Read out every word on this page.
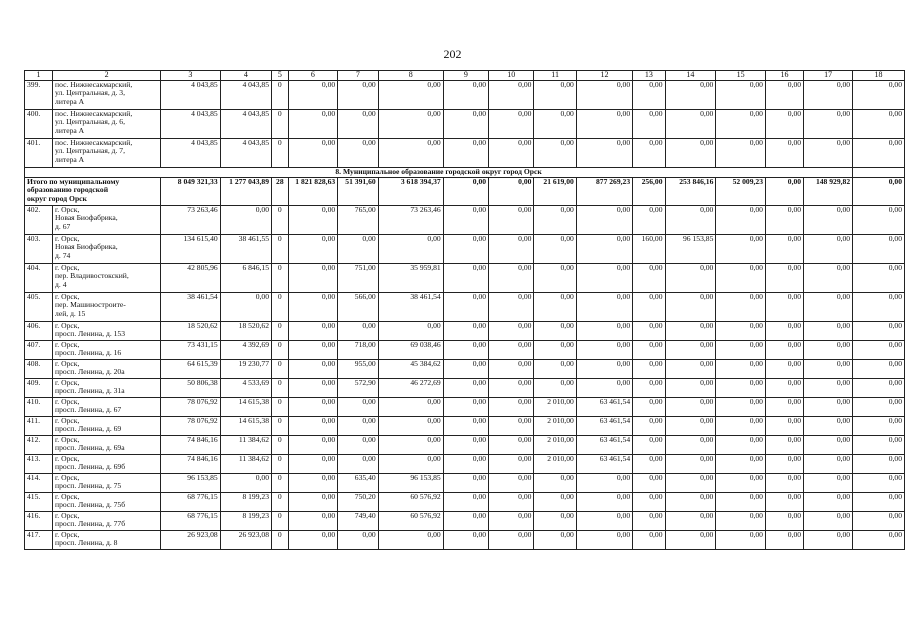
202
1	2	3	4	5	6	7	8	9	10	11	12	13	14	15	16	17	18
399.	пос. Нижнесакмарский,
ул. Центральная, д. 3,
литера А	4 043,85	4 043,85	0	0,00	0,00	0,00	0,00	0,00	0,00	0,00	0,00	0,00	0,00	0,00	0,00	0,00
400.	пос. Нижнесакмарский,
ул. Центральная, д. 6,
литера А	4 043,85	4 043,85	0	0,00	0,00	0,00	0,00	0,00	0,00	0,00	0,00	0,00	0,00	0,00	0,00	0,00
401.	пос. Нижнесакмарский,
ул. Центральная, д. 7,
литера А	4 043,85	4 043,85	0	0,00	0,00	0,00	0,00	0,00	0,00	0,00	0,00	0,00	0,00	0,00	0,00	0,00
8. Муниципальное образование городской округ город Орск																	
Итого по муниципальному
образованию городской
округ город Орск		8 049 321,33	1 277 043,89	28	1 821 828,63	51 391,60	3 618 394,37	0,00	0,00	21 619,00	877 269,23	256,00	253 846,16	52 009,23	0,00	148 929,82	0,00
402.	г. Орск,
Новая Биофабрика,
д. 67	73 263,46	0,00	0	0,00	765,00	73 263,46	0,00	0,00	0,00	0,00	0,00	0,00	0,00	0,00	0,00	0,00
403.	г. Орск,
Новая Биофабрика,
д. 74	134 615,40	38 461,55	0	0,00	0,00	0,00	0,00	0,00	0,00	0,00	160,00	96 153,85	0,00	0,00	0,00	0,00
404.	г. Орск,
пер. Владивостокский,
д. 4	42 805,96	6 846,15	0	0,00	751,00	35 959,81	0,00	0,00	0,00	0,00	0,00	0,00	0,00	0,00	0,00	0,00
405.	г. Орск,
пер. Машиностроите-
лей, д. 15	38 461,54	0,00	0	0,00	566,00	38 461,54	0,00	0,00	0,00	0,00	0,00	0,00	0,00	0,00	0,00	0,00
406.	г. Орск,
просп. Ленина, д. 153	18 520,62	18 520,62	0	0,00	0,00	0,00	0,00	0,00	0,00	0,00	0,00	0,00	0,00	0,00	0,00	0,00
407.	г. Орск,
просп. Ленина, д. 16	73 431,15	4 392,69	0	0,00	718,00	69 038,46	0,00	0,00	0,00	0,00	0,00	0,00	0,00	0,00	0,00	0,00
408.	г. Орск,
просп. Ленина, д. 20а	64 615,39	19 230,77	0	0,00	955,00	45 384,62	0,00	0,00	0,00	0,00	0,00	0,00	0,00	0,00	0,00	0,00
409.	г. Орск,
просп. Ленина, д. 31а	50 806,38	4 533,69	0	0,00	572,90	46 272,69	0,00	0,00	0,00	0,00	0,00	0,00	0,00	0,00	0,00	0,00
410.	г. Орск,
просп. Ленина, д. 67	78 076,92	14 615,38	0	0,00	0,00	0,00	0,00	0,00	2 010,00	63 461,54	0,00	0,00	0,00	0,00	0,00	0,00
411.	г. Орск,
просп. Ленина, д. 69	78 076,92	14 615,38	0	0,00	0,00	0,00	0,00	0,00	2 010,00	63 461,54	0,00	0,00	0,00	0,00	0,00	0,00
412.	г. Орск,
просп. Ленина, д. 69а	74 846,16	11 384,62	0	0,00	0,00	0,00	0,00	0,00	2 010,00	63 461,54	0,00	0,00	0,00	0,00	0,00	0,00
413.	г. Орск,
просп. Ленина, д. 69б	74 846,16	11 384,62	0	0,00	0,00	0,00	0,00	0,00	2 010,00	63 461,54	0,00	0,00	0,00	0,00	0,00	0,00
414.	г. Орск,
просп. Ленина, д. 75	96 153,85	0,00	0	0,00	635,40	96 153,85	0,00	0,00	0,00	0,00	0,00	0,00	0,00	0,00	0,00	0,00
415.	г. Орск,
просп. Ленина, д. 75б	68 776,15	8 199,23	0	0,00	750,20	60 576,92	0,00	0,00	0,00	0,00	0,00	0,00	0,00	0,00	0,00	0,00
416.	г. Орск,
просп. Ленина, д. 77б	68 776,15	8 199,23	0	0,00	749,40	60 576,92	0,00	0,00	0,00	0,00	0,00	0,00	0,00	0,00	0,00	0,00
417.	г. Орск,
просп. Ленина, д. 8	26 923,08	26 923,08	0	0,00	0,00	0,00	0,00	0,00	0,00	0,00	0,00	0,00	0,00	0,00	0,00	0,00
